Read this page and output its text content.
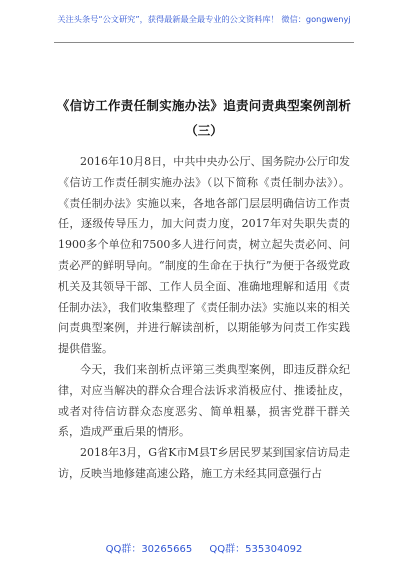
关注头条号“公文研究”，获得最新最全最专业的公文资料库！ 微信：gongwenyj
《信访工作责任制实施办法》追责问责典型案例剖析
（三）

2016年10月8日，中共中央办公厅、国务院办公厅印发《信访工作责任制实施办法》（以下简称《责任制办法》）。《责任制办法》实施以来，各地各部门层层明确信访工作责任，逐级传导压力，加大问责力度，2017年对失职失责的1900多个单位和7500多人进行问责，树立起失责必问、问责必严的鲜明导向。“制度的生命在于执行”为便于各级党政机关及其领导干部、工作人员全面、准确地理解和适用《责任制办法》，我们收集整理了《责任制办法》实施以来的相关问责典型案例，并进行解读剖析，以期能够为问责工作实践提供借鉴。

今天，我们来剖析点评第三类典型案例，即违反群众纪律，对应当解决的群众合理合法诉求消极应付、推诿扯皮，或者对待信访群众态度恶劣、简单粗暴，损害党群干群关系，造成严重后果的情形。

2018年3月，G省K市M县T乡居民罗某到国家信访局走访，反映当地修建高速公路，施工方未经其同意强行占

QQ群：30265665 QQ群：535304092
